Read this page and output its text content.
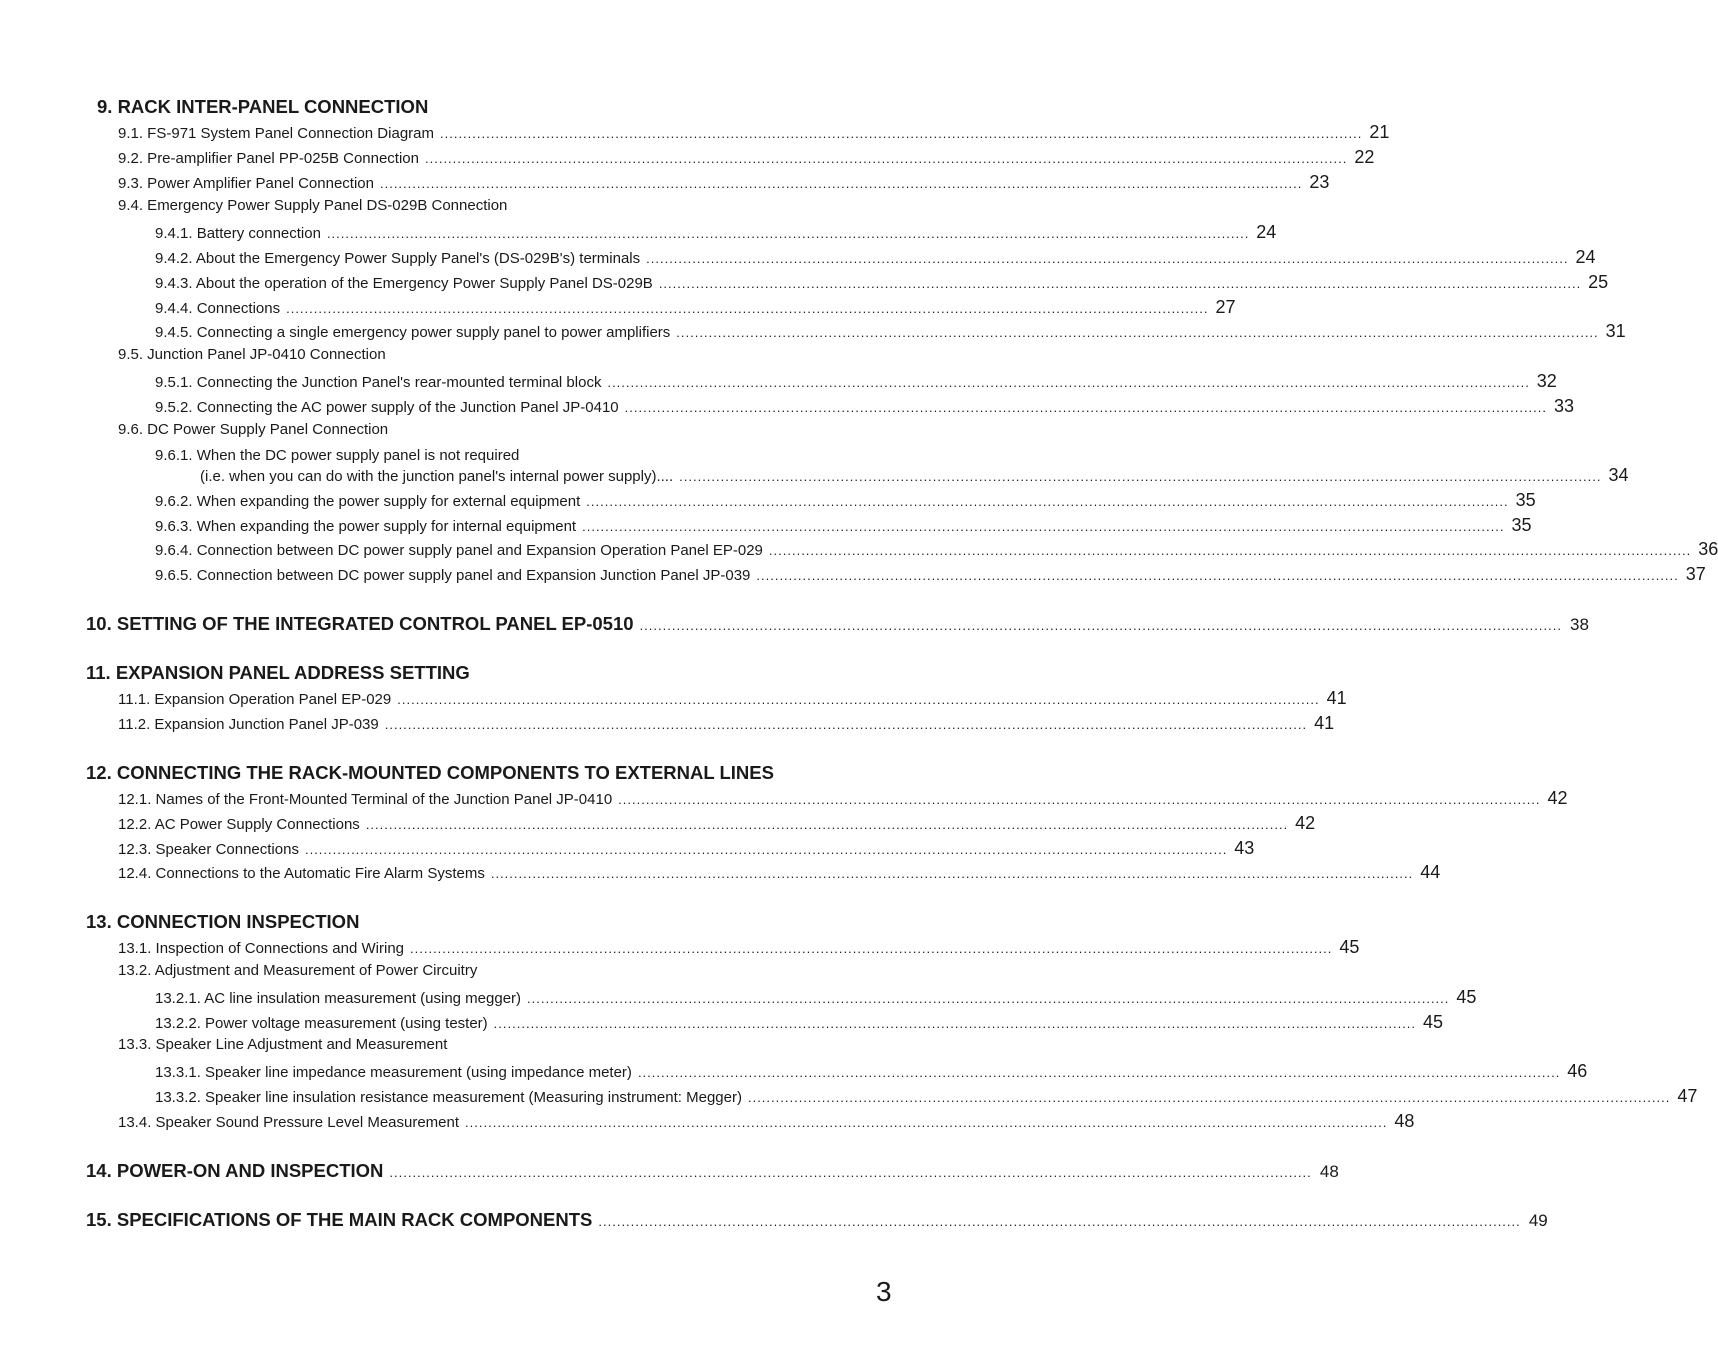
9. RACK INTER-PANEL CONNECTION
9.1. FS-971 System Panel Connection Diagram ........................................................................................................................................................................................................ 21
9.2. Pre-amplifier Panel PP-025B Connection ........................................................................................................................................................................................................ 22
9.3. Power Amplifier Panel Connection ........................................................................................................................................................................................................ 23
9.4. Emergency Power Supply Panel DS-029B Connection
9.4.1. Battery connection ........................................................................................................................................................................................................ 24
9.4.2. About the Emergency Power Supply Panel's (DS-029B's) terminals ........................................................................................................................................................................................................ 24
9.4.3. About the operation of the Emergency Power Supply Panel DS-029B ........................................................................................................................................................................................................ 25
9.4.4. Connections ........................................................................................................................................................................................................ 27
9.4.5. Connecting a single emergency power supply panel to power amplifiers ........................................................................................................................................................................................................ 31
9.5. Junction Panel JP-0410 Connection
9.5.1. Connecting the Junction Panel's rear-mounted terminal block ........................................................................................................................................................................................................ 32
9.5.2. Connecting the AC power supply of the Junction Panel JP-0410 ........................................................................................................................................................................................................ 33
9.6. DC Power Supply Panel Connection
9.6.1. When the DC power supply panel is not required
(i.e. when you can do with the junction panel's internal power supply).... ........................................................................................................................................................................................................ 34
9.6.2. When expanding the power supply for external equipment ........................................................................................................................................................................................................ 35
9.6.3. When expanding the power supply for internal equipment ........................................................................................................................................................................................................ 35
9.6.4. Connection between DC power supply panel and Expansion Operation Panel EP-029 ........................................................................................................................................................................................................ 36
9.6.5. Connection between DC power supply panel and Expansion Junction Panel JP-039 ........................................................................................................................................................................................................ 37
10. SETTING OF THE INTEGRATED CONTROL PANEL EP-0510 ........................................................................................................................................................................................................ 38
11. EXPANSION PANEL ADDRESS SETTING
11.1. Expansion Operation Panel EP-029 ........................................................................................................................................................................................................ 41
11.2. Expansion Junction Panel JP-039 ........................................................................................................................................................................................................ 41
12. CONNECTING THE RACK-MOUNTED COMPONENTS TO EXTERNAL LINES
12.1. Names of the Front-Mounted Terminal of the Junction Panel JP-0410 ........................................................................................................................................................................................................ 42
12.2. AC Power Supply Connections ........................................................................................................................................................................................................ 42
12.3. Speaker Connections ........................................................................................................................................................................................................ 43
12.4. Connections to the Automatic Fire Alarm Systems ........................................................................................................................................................................................................ 44
13. CONNECTION INSPECTION
13.1. Inspection of Connections and Wiring ........................................................................................................................................................................................................ 45
13.2. Adjustment and Measurement of Power Circuitry
13.2.1. AC line insulation measurement (using megger) ........................................................................................................................................................................................................ 45
13.2.2. Power voltage measurement (using tester) ........................................................................................................................................................................................................ 45
13.3. Speaker Line Adjustment and Measurement
13.3.1. Speaker line impedance measurement (using impedance meter) ........................................................................................................................................................................................................ 46
13.3.2. Speaker line insulation resistance measurement (Measuring instrument: Megger) ........................................................................................................................................................................................................ 47
13.4. Speaker Sound Pressure Level Measurement ........................................................................................................................................................................................................ 48
14. POWER-ON AND INSPECTION ........................................................................................................................................................................................................ 48
15. SPECIFICATIONS OF THE MAIN RACK COMPONENTS ........................................................................................................................................................................................................ 49
3
